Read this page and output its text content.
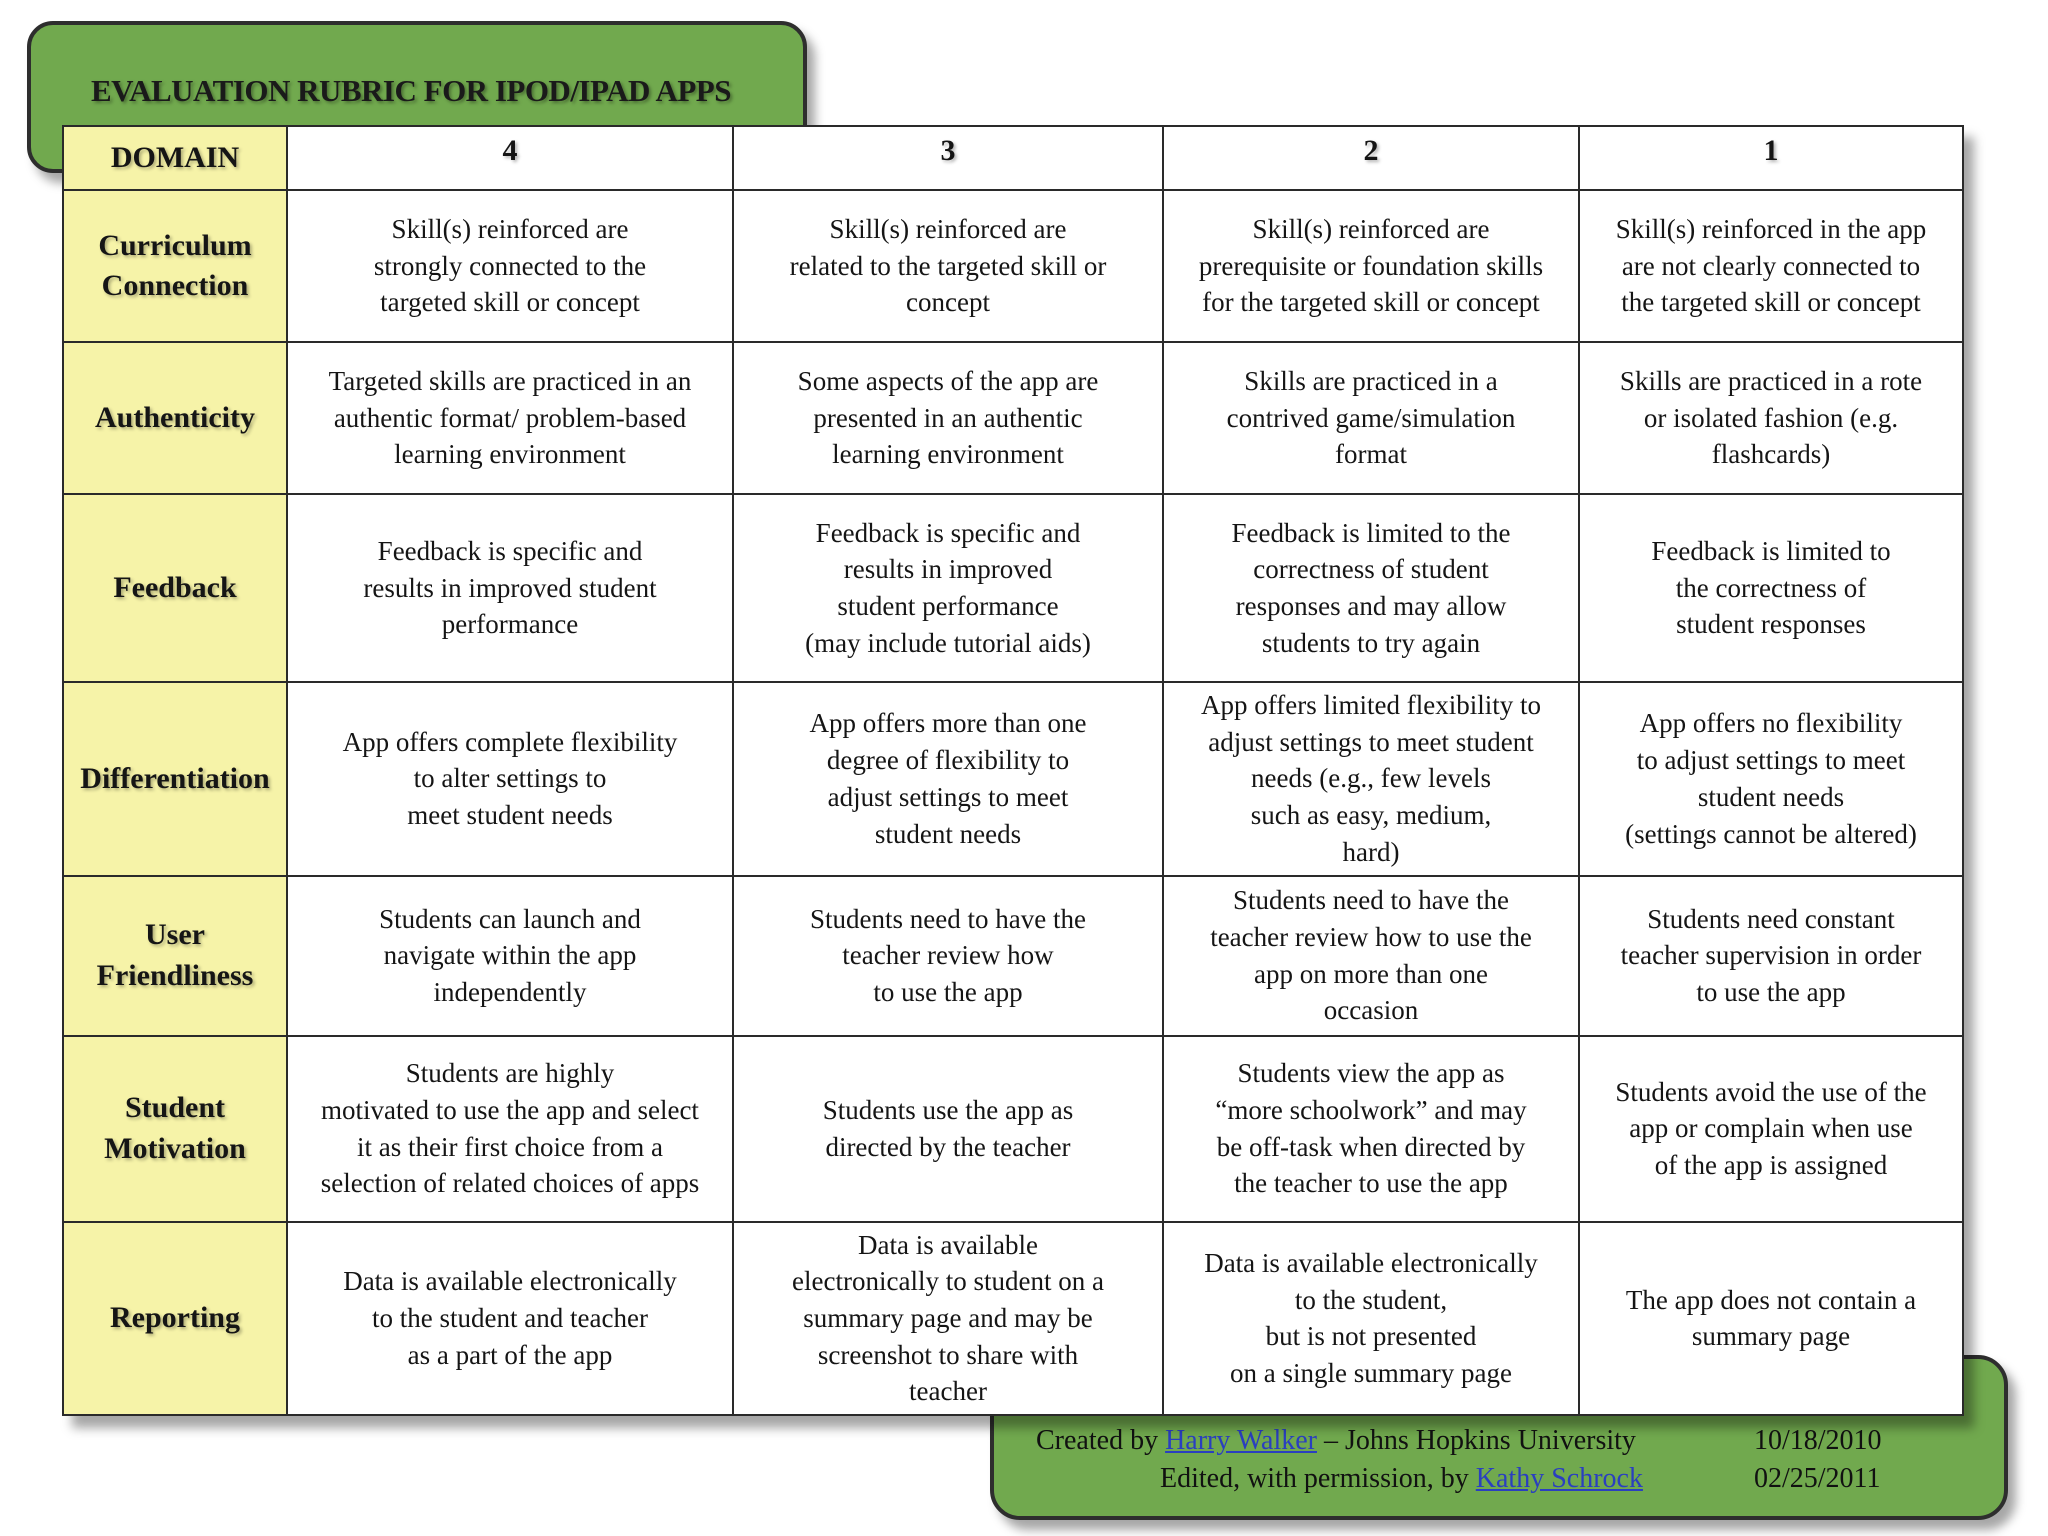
EVALUATION RUBRIC FOR IPOD/IPAD APPS
Created by Harry Walker – Johns Hopkins University	10/18/2010
Edited, with permission, by Kathy Schrock	02/25/2011
DOMAIN	4	3	2	1
Curriculum
Connection	Skill(s) reinforced are
strongly connected to the
targeted skill or concept	Skill(s) reinforced are
related to the targeted skill or
concept	Skill(s) reinforced are
prerequisite or foundation skills
for the targeted skill or concept	Skill(s) reinforced in the app
are not clearly connected to
the targeted skill or concept
Authenticity	Targeted skills are practiced in an
authentic format/ problem-based
learning environment	Some aspects of the app are
presented in an authentic
learning environment	Skills are practiced in a
contrived game/simulation
format	Skills are practiced in a rote
or isolated fashion (e.g.
flashcards)
Feedback	Feedback is specific and
results in improved student
performance	Feedback is specific and
results in improved
student performance
(may include tutorial aids)	Feedback is limited to the
correctness of student
responses and may allow
students to try again	Feedback is limited to
the correctness of
student responses
Differentiation	App offers complete flexibility
to alter settings to
meet student needs	App offers more than one
degree of flexibility to
adjust settings to meet
student needs	App offers limited flexibility to
adjust settings to meet student
needs (e.g., few levels
such as easy, medium,
hard)	App offers no flexibility
to adjust settings to meet
student needs
(settings cannot be altered)
User
Friendliness	Students can launch and
navigate within the app
independently	Students need to have the
teacher review how
to use the app	Students need to have the
teacher review how to use the
app on more than one
occasion	Students need constant
teacher supervision in order
to use the app
Student
Motivation	Students are highly
motivated to use the app and select
it as their first choice from a
selection of related choices of apps	Students use the app as
directed by the teacher	Students view the app as
“more schoolwork” and may
be off-task when directed by
the teacher to use the app	Students avoid the use of the
app or complain when use
of the app is assigned
Reporting	Data is available electronically
to the student and teacher
as a part of the app	Data is available
electronically to student on a
summary page and may be
screenshot to share with
teacher	Data is available electronically
to the student,
but is not presented
on a single summary page	The app does not contain a
summary page
